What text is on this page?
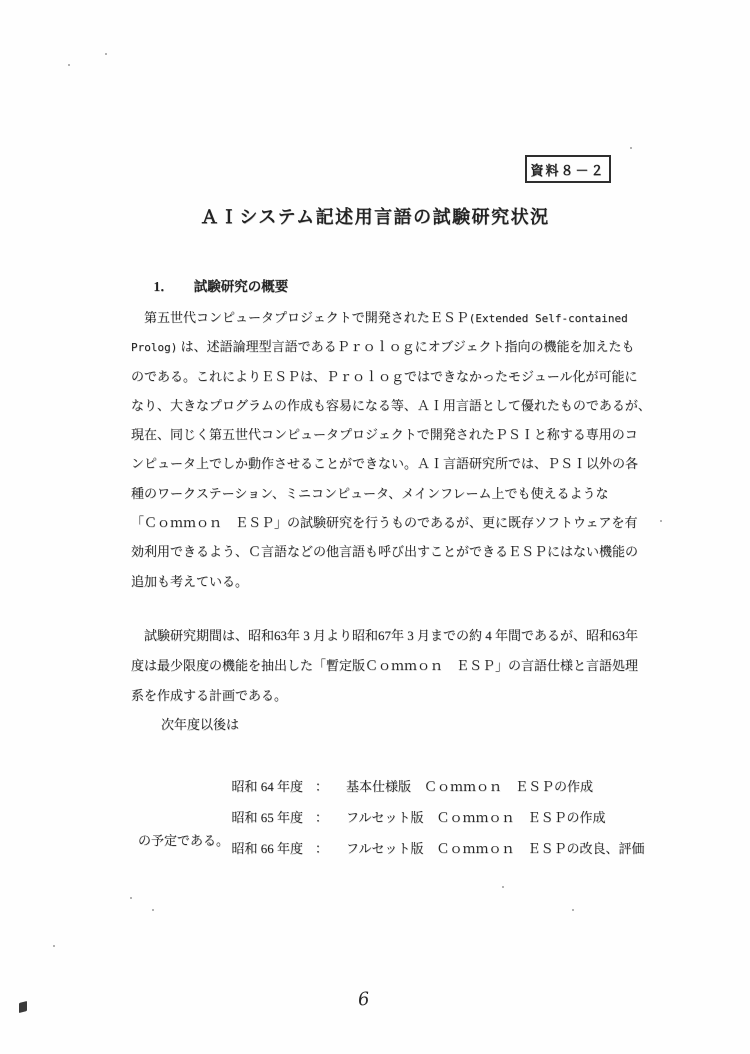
資料８－２
ＡＩシステム記述用言語の試験研究状況

1． 試験研究の概要

　第五世代コンピュータプロジェクトで開発されたＥＳＰ(Extended Self-contained
Prolog) は、述語論理型言語であるＰｒｏｌｏｇにオブジェクト指向の機能を加えたも
のである。これによりＥＳＰは、Ｐｒｏｌｏｇではできなかったモジュール化が可能に
なり、大きなプログラムの作成も容易になる等、ＡＩ用言語として優れたものであるが、
現在、同じく第五世代コンピュータプロジェクトで開発されたＰＳＩと称する専用のコ
ンピュータ上でしか動作させることができない。ＡＩ言語研究所では、ＰＳＩ以外の各
種のワークステーション、ミニコンピュータ、メインフレーム上でも使えるような
「Ｃｏｍｍｏｎ　ＥＳＰ」の試験研究を行うものであるが、更に既存ソフトウェアを有
効利用できるよう、Ｃ言語などの他言語も呼び出すことができるＥＳＰにはない機能の
追加も考えている。
　試験研究期間は、昭和63年 3 月より昭和67年 3 月までの約 4 年間であるが、昭和63年
度は最少限度の機能を抽出した「暫定版Ｃｏｍｍｏｎ　ＥＳＰ」の言語仕様と言語処理
系を作成する計画である。
次年度以後は

昭和 64 年度 ： 基本仕様版　Ｃｏｍｍｏｎ　ＥＳＰの作成

昭和 65 年度 ： フルセット版　Ｃｏｍｍｏｎ　ＥＳＰの作成

昭和 66 年度 ： フルセット版　Ｃｏｍｍｏｎ　ＥＳＰの改良、評価

の予定である。
6
